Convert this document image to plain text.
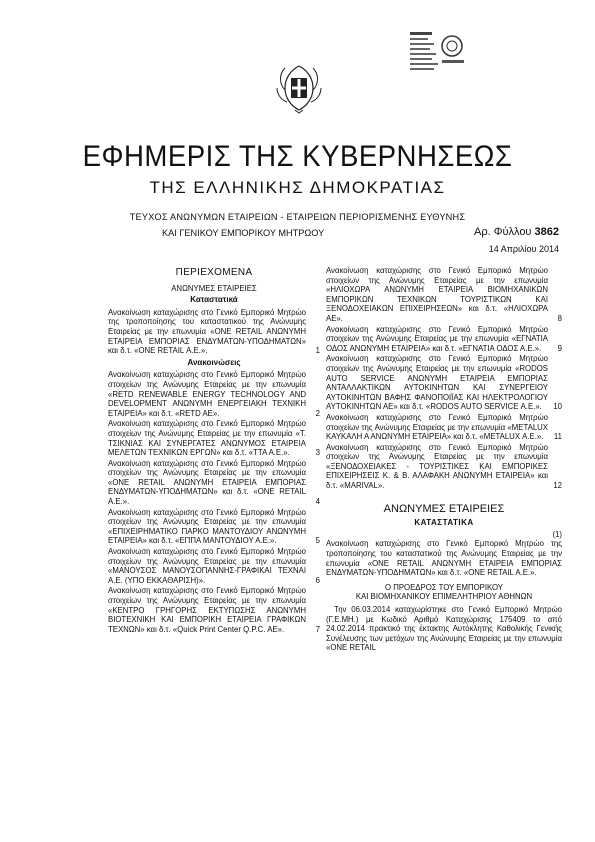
ΕΦΗΜΕΡΙΣ ΤΗΣ ΚΥΒΕΡΝΗΣΕΩΣ
ΤΗΣ ΕΛΛΗΝΙΚΗΣ ΔΗΜΟΚΡΑΤΙΑΣ
ΤΕΥΧΟΣ ΑΝΩΝΥΜΩΝ ΕΤΑΙΡΕΙΩΝ - ΕΤΑΙΡΕΙΩΝ ΠΕΡΙΟΡΙΣΜΕΝΗΣ ΕΥΘΥΝΗΣ
ΚΑΙ ΓΕΝΙΚΟΥ ΕΜΠΟΡΙΚΟΥ ΜΗΤΡΩΟΥ	Αρ. Φύλλου 3862
14 Απριλίου 2014
ΠΕΡΙΕΧΟΜΕΝΑ
ΑΝΩΝΥΜΕΣ ΕΤΑΙΡΕΙΕΣ
Καταστατικά
Ανακοίνωση καταχώρισης στο Γενικό Εμπορικό Μητρώο της τροποποίησης του καταστατικού της Ανώνυμης Εταιρείας με την επωνυμία «ONE RETAIL ΑΝΩΝΥΜΗ ΕΤΑΙΡΕΙΑ ΕΜΠΟΡΙΑΣ ΕΝΔΥΜΑΤΩΝ-ΥΠΟΔΗΜΑΤΩΝ» και δ.τ. «ONE RETAIL Α.Ε.».	1
Ανακοινώσεις
Ανακοίνωση καταχώρισης στο Γενικό Εμπορικό Μητρώο στοιχείων της Ανώνυμης Εταιρείας με την επωνυμία «RETD RENEWABLE ENERGY TECHNOLOGY AND DEVELOPMENT ΑΝΩΝΥΜΗ ΕΝΕΡΓΕΙΑΚΗ ΤΕΧΝΙΚΗ ΕΤΑΙΡΕΙΑ» και δ.τ. «RETD AE».	2
Ανακοίνωση καταχώρισης στο Γενικό Εμπορικό Μητρώο στοιχείων της Ανώνυμης Εταιρείας με την επωνυμία «Τ. ΤΣΙΚΝΙΑΣ ΚΑΙ ΣΥΝΕΡΓΑΤΕΣ ΑΝΩΝΥΜΟΣ ΕΤΑΙΡΕΙΑ ΜΕΛΕΤΩΝ ΤΕΧΝΙΚΩΝ ΕΡΓΩΝ» και δ.τ. «ΤΤΑ Α.Ε.».	3
Ανακοίνωση καταχώρισης στο Γενικό Εμπορικό Μητρώο στοιχείων της Ανώνυμης Εταιρείας με την επωνυμία «ONE RETAIL ΑΝΩΝΥΜΗ ΕΤΑΙΡΕΙΑ ΕΜΠΟΡΙΑΣ ΕΝΔΥΜΑΤΩΝ-ΥΠΟΔΗΜΑΤΩΝ» και δ.τ. «ONE RETAIL A.E.».	4
Ανακοίνωση καταχώρισης στο Γενικό Εμπορικό Μητρώο στοιχείων της Ανώνυμης Εταιρείας με την επωνυμία «ΕΠΙΧΕΙΡΗΜΑΤΙΚΟ ΠΑΡΚΟ ΜΑΝΤΟΥΔΙΟΥ ΑΝΩΝΥΜΗ ΕΤΑΙΡΕΙΑ» και δ.τ. «ΕΠΠΑ ΜΑΝΤΟΥΔΙΟΥ Α.Ε.».	5
Ανακοίνωση καταχώρισης στο Γενικό Εμπορικό Μητρώο στοιχείων της Ανώνυμης Εταιρείας με την επωνυμία «ΜΑΝΟΥΣΟΣ ΜΑΝΟΥΣΟΠΑΝΝΗΣ-ΓΡΑΦΙΚΑΙ ΤΕΧΝΑΙ Α.Ε. (ΥΠΟ ΕΚΚΑΘΑΡΙΣΗ)».	6
Ανακοίνωση καταχώρισης στο Γενικό Εμπορικό Μητρώο στοιχείων της Ανώνυμης Εταιρείας με την επωνυμία «ΚΕΝΤΡΟ ΓΡΗΓΟΡΗΣ ΕΚΤΥΠΩΣΗΣ ΑΝΩΝΥΜΗ ΒΙΟΤΕΧΝΙΚΗ ΚΑΙ ΕΜΠΟΡΙΚΗ ΕΤΑΙΡΕΙΑ ΓΡΑΦΙΚΩΝ ΤΕΧΝΩΝ» και δ.τ. «Quick Print Center Q.P.C. AE».	7
Ανακοίνωση καταχώρισης στο Γενικό Εμπορικό Μητρώο στοιχείων της Ανώνυμης Εταιρείας με την επωνυμία «ΗΛΙΟΧΩΡΑ ΑΝΩΝΥΜΗ ΕΤΑΙΡΕΙΑ ΒΙΟΜΗΧΑΝΙΚΩΝ ΕΜΠΟΡΙΚΩΝ ΤΕΧΝΙΚΩΝ ΤΟΥΡΙΣΤΙΚΩΝ ΚΑΙ ΞΕΝΟΔΟΧΕΙΑΚΩΝ ΕΠΙΧΕΙΡΗΣΕΩΝ» και δ.τ. «ΗΛΙΟΧΩΡΑ ΑΕ».	8
Ανακοίνωση καταχώρισης στο Γενικό Εμπορικό Μητρώο στοιχείων της Ανώνυμης Εταιρείας με την επωνυμία «ΕΓΝΑΤΙΑ ΟΔΟΣ ΑΝΩΝΥΜΗ ΕΤΑΙΡΕΙΑ» και δ.τ. «ΕΓΝΑΤΙΑ ΟΔΟΣ Α.Ε.». 9
Ανακοίνωση καταχώρισης στο Γενικό Εμπορικό Μητρώο στοιχείων της Ανώνυμης Εταιρείας με την επωνυμία «RODOS AUTO SERVICE ΑΝΩΝΥΜΗ ΕΤΑΙΡΕΙΑ ΕΜΠΟΡΙΑΣ ΑΝΤΑΛΛΑΚΤΙΚΩΝ ΑΥΤΟΚΙΝΗΤΩΝ ΚΑΙ ΣΥΝΕΡΓΕΙΟΥ ΑΥΤΟΚΙΝΗΤΩΝ ΒΑΦΗΣ ΦΑΝΟΠΟΙΪΑΣ ΚΑΙ ΗΛΕΚΤΡΟΛΟΓΙΟΥ ΑΥΤΟΚΙΝΗΤΩΝ ΑΕ» και δ.τ. «RODOS AUTO SERVICE Α.Ε.». 10
Ανακοίνωση καταχώρισης στο Γενικό Εμπορικό Μητρώο στοιχείων της Ανώνυμης Εταιρείας με την επωνυμία «METALUX ΚΑΥΚΑΛΗ Α ΑΝΩΝΥΜΗ ΕΤΑΙΡΕΙΑ» και δ.τ. «METALUX Α.Ε.». 11
Ανακοίνωση καταχώρισης στο Γενικό Εμπορικό Μητρώο στοιχείων της Ανώνυμης Εταιρείας με την επωνυμία «ΞΕΝΟΔΟΧΕΙΑΚΕΣ - ΤΟΥΡΙΣΤΙΚΕΣ ΚΑΙ ΕΜΠΟΡΙΚΕΣ ΕΠΙΧΕΙΡΗΣΕΙΣ Κ. & Β. ΑΛΑΦΑΚΗ ΑΝΩΝΥΜΗ ΕΤΑΙΡΕΙΑ» και δ.τ. «MARIVAL».	12
ΑΝΩΝΥΜΕΣ ΕΤΑΙΡΕΙΕΣ
ΚΑΤΑΣΤΑΤΙΚΑ
(1)
Ανακοίνωση καταχώρισης στο Γενικό Εμπορικό Μητρώο της τροποποίησης του καταστατικού της Ανώνυμης Εταιρείας με την επωνυμία «ONE RETAIL ΑΝΩΝΥΜΗ ΕΤΑΙΡΕΙΑ ΕΜΠΟΡΙΑΣ ΕΝΔΥΜΑΤΩΝ-ΥΠΟΔΗΜΑΤΩΝ» και δ.τ. «ONE RETAIL A.E.».
Ο ΠΡΟΕΔΡΟΣ ΤΟΥ ΕΜΠΟΡΙΚΟΥ
ΚΑΙ ΒΙΟΜΗΧΑΝΙΚΟΥ ΕΠΙΜΕΛΗΤΗΡΙΟΥ ΑΘΗΝΩΝ
Την 06.03.2014 καταχωρίστηκε στο Γενικό Εμπορικό Μητρώο (Γ.Ε.ΜΗ.) με Κωδικό Αριθμό Καταχώρισης 175409 το από 24.02.2014 πρακτικό της έκτακτης Αυτόκλητης Καθολικής Γενικής Συνέλευσης των μετόχων της Ανώνυμης Εταιρείας με την επωνυμία «ONE RETAIL
